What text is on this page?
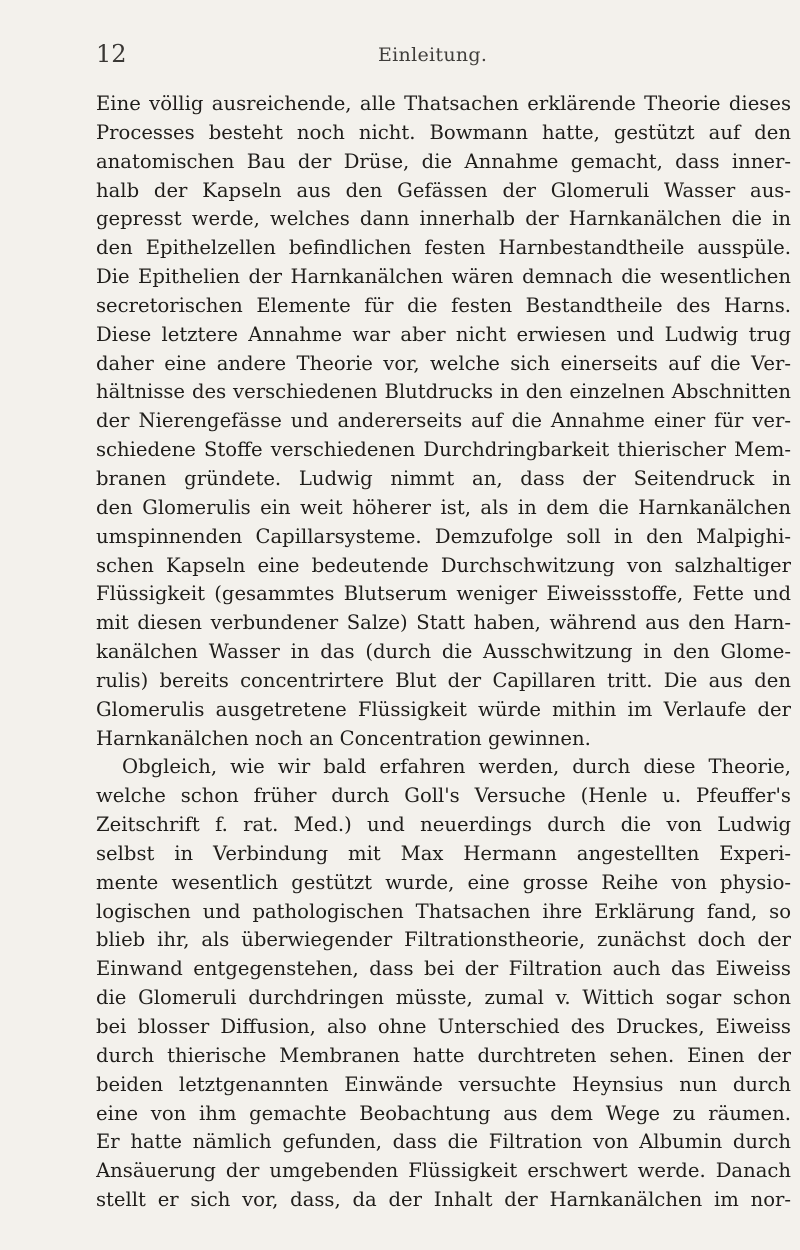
12	Einleitung.
Eine völlig ausreichende, alle Thatsachen erklärende Theorie dieses
Processes besteht noch nicht. Bowmann hatte, gestützt auf den
anatomischen Bau der Drüse, die Annahme gemacht, dass inner-
halb der Kapseln aus den Gefässen der Glomeruli Wasser aus-
gepresst werde, welches dann innerhalb der Harnkanälchen die in
den Epithelzellen befindlichen festen Harnbestandtheile ausspüle.
Die Epithelien der Harnkanälchen wären demnach die wesentlichen
secretorischen Elemente für die festen Bestandtheile des Harns.
Diese letztere Annahme war aber nicht erwiesen und Ludwig trug
daher eine andere Theorie vor, welche sich einerseits auf die Ver-
hältnisse des verschiedenen Blutdrucks in den einzelnen Abschnitten
der Nierengefässe und andererseits auf die Annahme einer für ver-
schiedene Stoffe verschiedenen Durchdringbarkeit thierischer Mem-
branen gründete. Ludwig nimmt an, dass der Seitendruck in
den Glomerulis ein weit höherer ist, als in dem die Harnkanälchen
umspinnenden Capillarsysteme. Demzufolge soll in den Malpighi-
schen Kapseln eine bedeutende Durchschwitzung von salzhaltiger
Flüssigkeit (gesammtes Blutserum weniger Eiweissstoffe, Fette und
mit diesen verbundener Salze) Statt haben, während aus den Harn-
kanälchen Wasser in das (durch die Ausschwitzung in den Glome-
rulis) bereits concentrirtere Blut der Capillaren tritt. Die aus den
Glomerulis ausgetretene Flüssigkeit würde mithin im Verlaufe der
Harnkanälchen noch an Concentration gewinnen.
Obgleich, wie wir bald erfahren werden, durch diese Theorie,
welche schon früher durch Goll's Versuche (Henle u. Pfeuffer's
Zeitschrift f. rat. Med.) und neuerdings durch die von Ludwig
selbst in Verbindung mit Max Hermann angestellten Experi-
mente wesentlich gestützt wurde, eine grosse Reihe von physio-
logischen und pathologischen Thatsachen ihre Erklärung fand, so
blieb ihr, als überwiegender Filtrationstheorie, zunächst doch der
Einwand entgegenstehen, dass bei der Filtration auch das Eiweiss
die Glomeruli durchdringen müsste, zumal v. Wittich sogar schon
bei blosser Diffusion, also ohne Unterschied des Druckes, Eiweiss
durch thierische Membranen hatte durchtreten sehen. Einen der
beiden letztgenannten Einwände versuchte Heynsius nun durch
eine von ihm gemachte Beobachtung aus dem Wege zu räumen.
Er hatte nämlich gefunden, dass die Filtration von Albumin durch
Ansäuerung der umgebenden Flüssigkeit erschwert werde. Danach
stellt er sich vor, dass, da der Inhalt der Harnkanälchen im nor-
